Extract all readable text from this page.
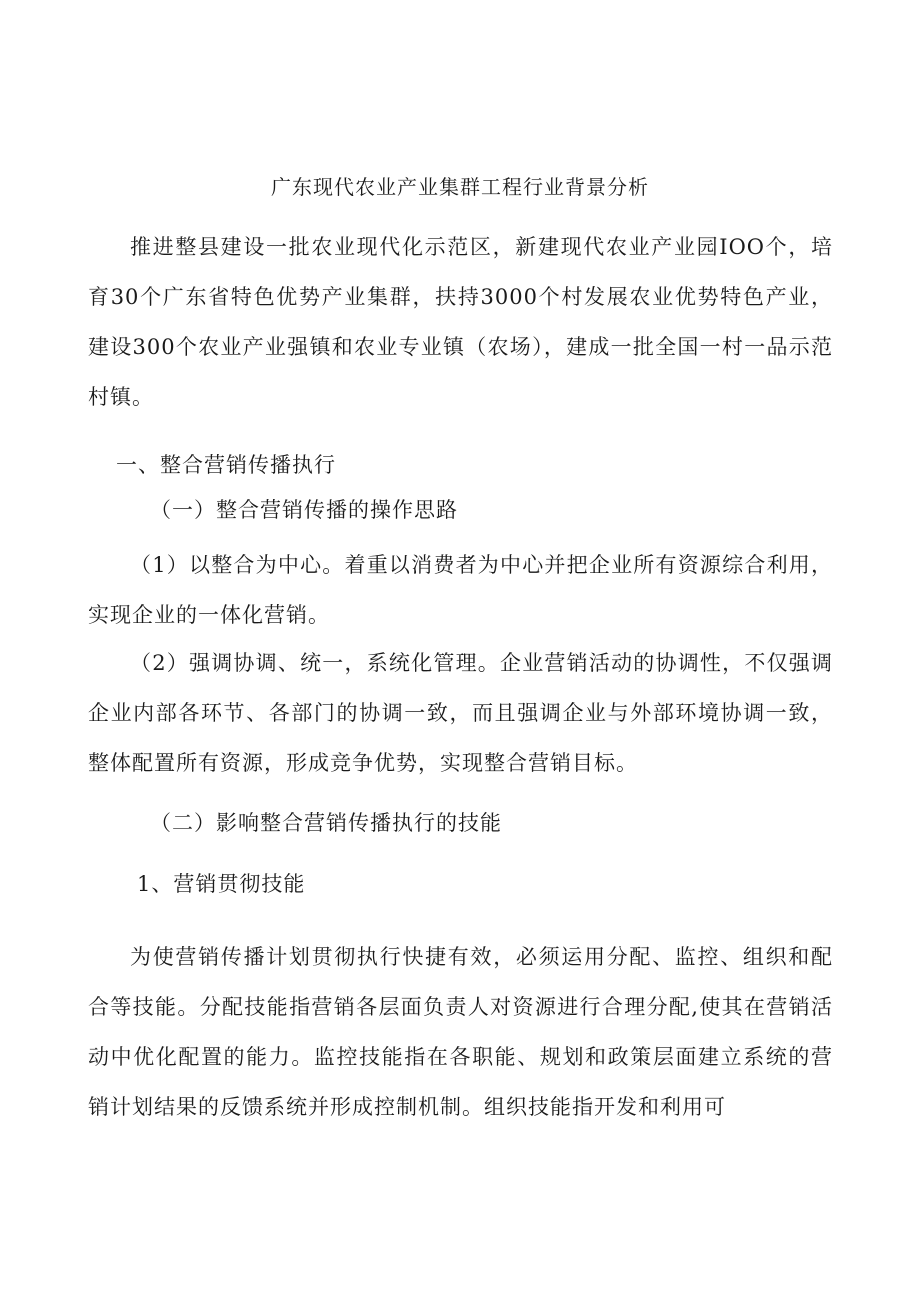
广东现代农业产业集群工程行业背景分析

推进整县建设一批农业现代化示范区，新建现代农业产业园IOO个，培育30个广东省特色优势产业集群，扶持3000个村发展农业优势特色产业，建设300个农业产业强镇和农业专业镇（农场），建成一批全国一村一品示范村镇。

一、整合营销传播执行

（一）整合营销传播的操作思路

（1）以整合为中心。着重以消费者为中心并把企业所有资源综合利用，实现企业的一体化营销。

（2）强调协调、统一，系统化管理。企业营销活动的协调性，不仅强调企业内部各环节、各部门的协调一致，而且强调企业与外部环境协调一致，整体配置所有资源，形成竞争优势，实现整合营销目标。

（二）影响整合营销传播执行的技能

1、营销贯彻技能

为使营销传播计划贯彻执行快捷有效，必须运用分配、监控、组织和配合等技能。分配技能指营销各层面负责人对资源进行合理分配,使其在营销活动中优化配置的能力。监控技能指在各职能、规划和政策层面建立系统的营销计划结果的反馈系统并形成控制机制。组织技能指开发和利用可
